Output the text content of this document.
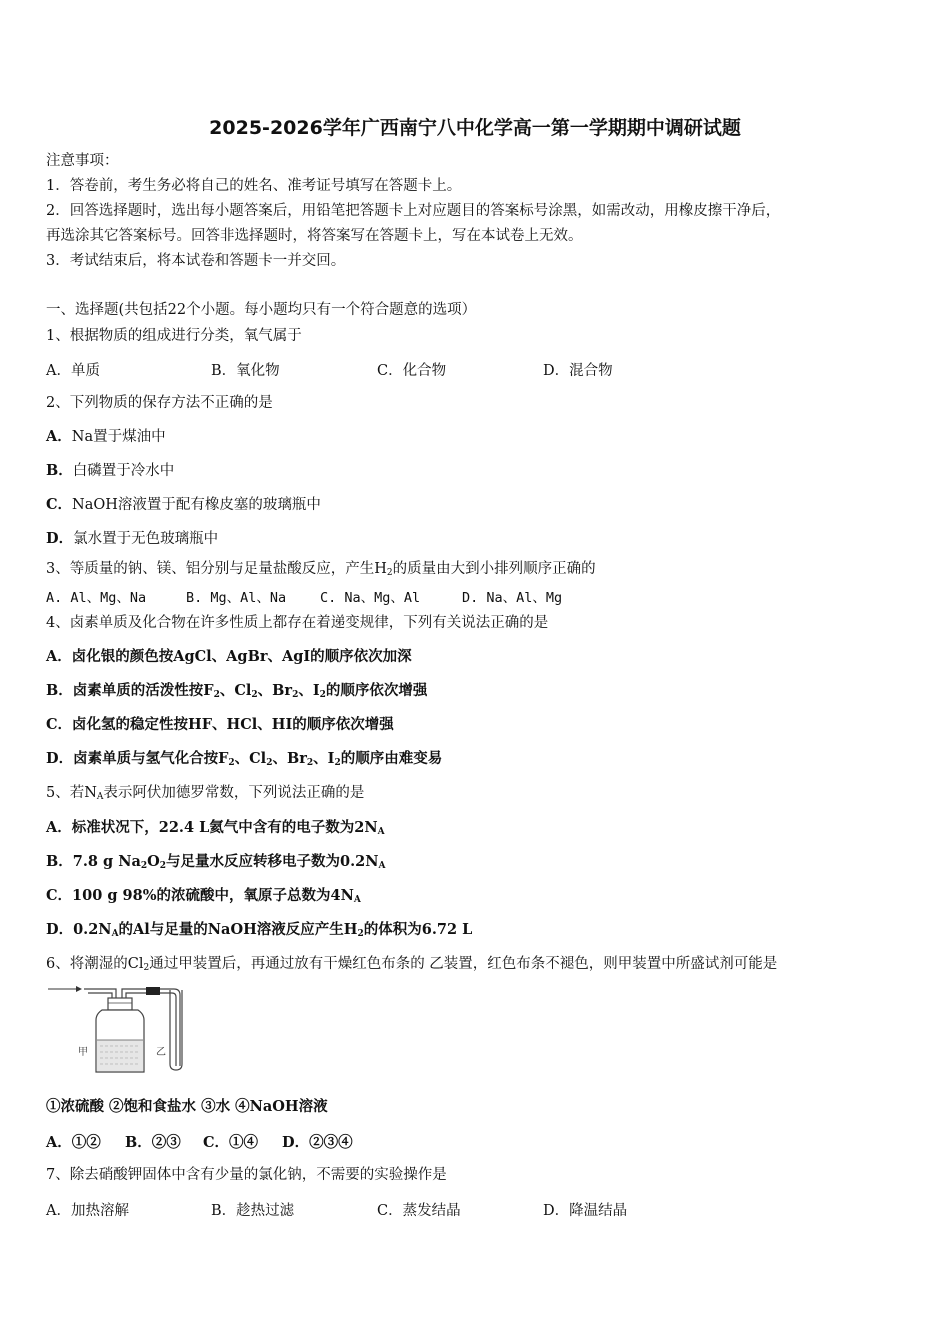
2025-2026学年广西南宁八中化学高一第一学期期中调研试题
注意事项：
1．答卷前，考生务必将自己的姓名、准考证号填写在答题卡上。
2．回答选择题时，选出每小题答案后，用铅笔把答题卡上对应题目的答案标号涂黑，如需改动，用橡皮擦干净后，
再选涂其它答案标号。回答非选择题时，将答案写在答题卡上，写在本试卷上无效。
3．考试结束后，将本试卷和答题卡一并交回。
一、选择题(共包括22个小题。每小题均只有一个符合题意的选项）
1、根据物质的组成进行分类，氧气属于
A．单质	B．氧化物	C．化合物	D．混合物
2、下列物质的保存方法不正确的是
A．Na置于煤油中
B．白磷置于冷水中
C．NaOH溶液置于配有橡皮塞的玻璃瓶中
D．氯水置于无色玻璃瓶中
3、等质量的钠、镁、铝分别与足量盐酸反应，产生$H_2$的质量由大到小排列顺序正确的
A. Al、Mg、Na	B. Mg、Al、Na	C. Na、Mg、Al	D. Na、Al、Mg
4、卤素单质及化合物在许多性质上都存在着递变规律，下列有关说法正确的是
A．卤化银的颜色按AgCl、AgBr、AgI的顺序依次加深
B．卤素单质的活泼性按$F_2$、$Cl_2$、$Br_2$、$I_2$的顺序依次增强
C．卤化氢的稳定性按HF、HCl、HI的顺序依次增强
D．卤素单质与氢气化合按$F_2$、$Cl_2$、$Br_2$、$I_2$的顺序由难变易
5、若$N_A$表示阿伏加德罗常数，下列说法正确的是
A．标准状况下，22.4 L氦气中含有的电子数为$2N_A$
B．7.8 g $Na_2O_2$与足量水反应转移电子数为$0.2N_A$
C．100 g 98%的浓硫酸中，氧原子总数为$4N_A$
D．$0.2N_A$的Al与足量的NaOH溶液反应产生$H_2$的体积为6.72 L
6、将潮湿的$Cl_2$通过甲装置后，再通过放有干燥红色布条的 乙装置，红色布条不褪色，则甲装置中所盛试剂可能是
甲	乙
①浓硫酸 ②饱和食盐水 ③水 ④NaOH溶液
A．①② B．②③ C．①④ D．②③④
7、除去硝酸钾固体中含有少量的氯化钠，不需要的实验操作是
A．加热溶解	B．趁热过滤	C．蒸发结晶	D．降温结晶
